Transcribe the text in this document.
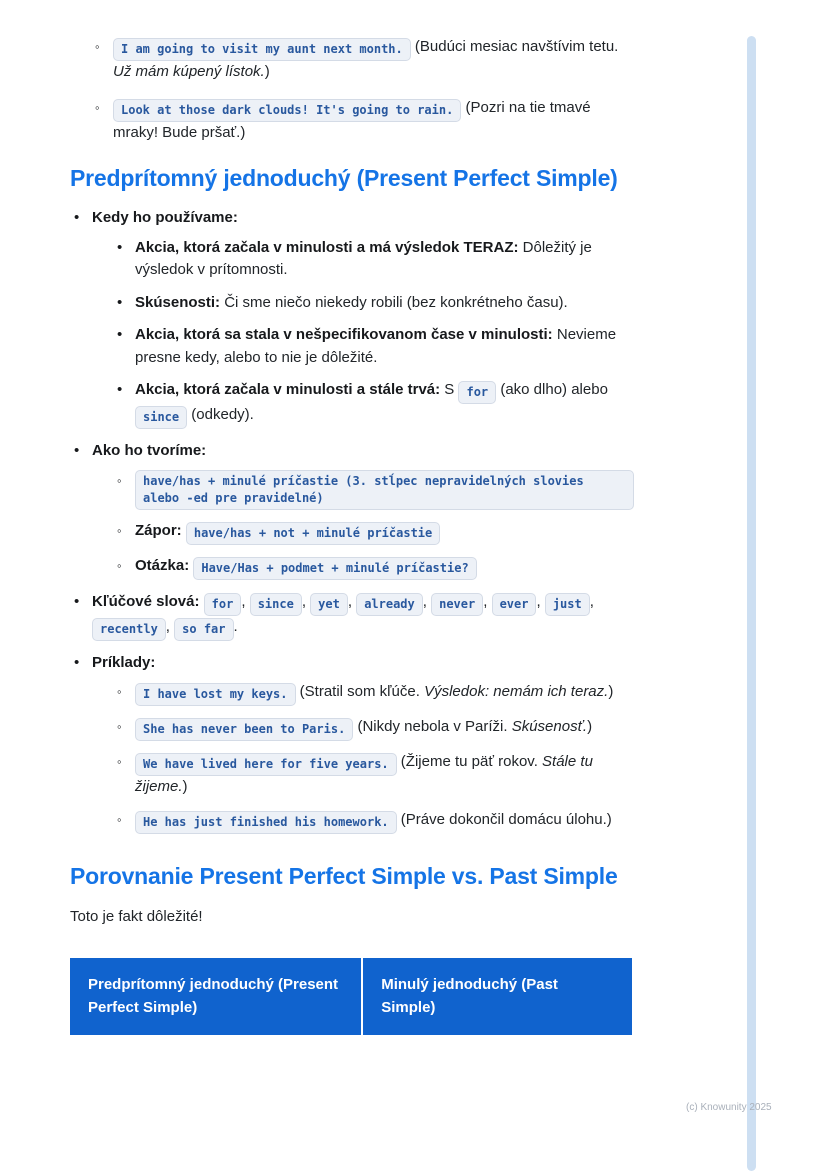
◦	I am going to visit my aunt next month. (Budúci mesiac navštívim tetu. Už mám kúpený lístok.)
◦	Look at those dark clouds! It's going to rain. (Pozri na tie tmavé mraky! Bude pršať.)
Predprítomný jednoduchý (Present Perfect Simple)
• Kedy ho používame:
• Akcia, ktorá začala v minulosti a má výsledok TERAZ: Dôležitý je výsledok v prítomnosti.
• Skúsenosti: Či sme niečo niekedy robili (bez konkrétneho času).
• Akcia, ktorá sa stala v nešpecifikovanom čase v minulosti: Nevieme presne kedy, alebo to nie je dôležité.
• Akcia, ktorá začala v minulosti a stále trvá: S for (ako dlho) alebo since (odkedy).
• Ako ho tvoríme:
◦	have/has + minulé príčastie (3. stĺpec nepravidelných slovies alebo -ed pre pravidelné)
◦ Zápor: have/has + not + minulé príčastie
◦ Otázka: Have/Has + podmet + minulé príčastie?
• Kľúčové slová: for , since , yet , already , never , ever , just , recently , so far .
• Príklady:
◦	I have lost my keys. (Stratil som kľúče. Výsledok: nemám ich teraz.)
◦	She has never been to Paris. (Nikdy nebola v Paríži. Skúsenosť.)
◦	We have lived here for five years. (Žijeme tu päť rokov. Stále tu žijeme.)
◦	He has just finished his homework. (Práve dokončil domácu úlohu.)
Porovnanie Present Perfect Simple vs. Past Simple

Toto je fakt dôležité!

Predprítomný jednoduchý (Present Perfect Simple)	Minulý jednoduchý (Past Simple)
(c) Knowunity 2025
